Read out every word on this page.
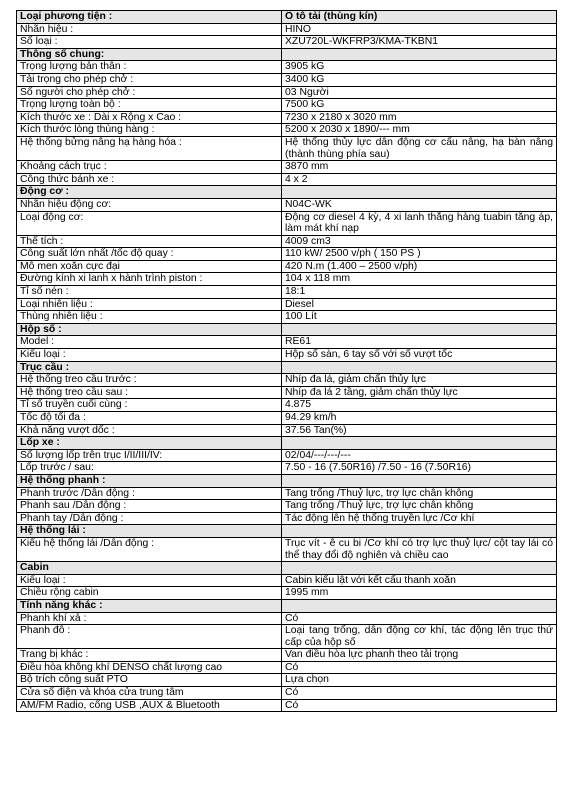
Loại phương tiện :	Ô tô tải (thùng kín)
Nhãn hiệu :	HINO
Số loại :	XZU720L-WKFRP3/KMA-TKBN1
Thông số chung:	
Trọng lượng bản thân :	3905 kG
Tải trọng cho phép chở :	3400 kG
Số người cho phép chở :	03 Người
Trọng lượng toàn bộ :	7500 kG
Kích thước xe : Dài x Rộng x Cao :	7230 x 2180 x 3020 mm
Kích thước lòng thùng hàng :	5200 x 2030 x 1890/--- mm
Hệ thống bửng nâng hạ hàng hóa :	Hệ thống thủy lực dẫn động cơ cấu nâng, hạ bàn nâng (thành thùng phía sau)
Khoảng cách trục :	3870 mm
Công thức bánh xe :	4 x 2
Động cơ :	
Nhãn hiệu động cơ:	N04C-WK
Loại động cơ:	Động cơ diesel 4 kỳ, 4 xi lanh thẳng hàng tuabin tăng áp, làm mát khí nạp
Thể tích :	4009 cm3
Công suất lớn nhất /tốc độ quay :	110 kW/ 2500 v/ph ( 150 PS )
Mô men xoắn cực đại	420 N.m (1.400 – 2500 v/ph)
Đường kính xi lanh x hành trình piston :	104 x 118 mm
Tỉ số nén :	18:1
Loại nhiên liệu :	Diesel
Thùng nhiên liệu :	100 Lít
Hộp số :	
Model :	RE61
Kiểu loại :	Hộp số sàn, 6 tay số với số vượt tốc
Trục cầu :	
Hệ thống treo cầu trước :	Nhíp đa lá, giảm chấn thủy lực
Hệ thống treo cầu sau :	Nhíp đa lá 2 tầng, giảm chấn thủy lực
Tỉ số truyền cuối cùng :	4.875
Tốc độ tối đa :	94.29 km/h
Khả năng vượt dốc :	37.56 Tan(%)
Lốp xe :	
Số lượng lốp trên trục I/II/III/IV:	02/04/---/---/---
Lốp trước / sau:	7.50 - 16 (7.50R16) /7.50 - 16 (7.50R16)
Hệ thống phanh :	
Phanh trước /Dẫn động :	Tang trống /Thuỷ lực, trợ lực chân không
Phanh sau /Dẫn động :	Tang trống /Thuỷ lực, trợ lực chân không
Phanh tay /Dẫn động :	Tác động lên hệ thống truyền lực /Cơ khí
Hệ thống lái :	
Kiểu hệ thống lái /Dẫn động :	Trục vít - ê cu bi /Cơ khí có trợ lực thuỷ lực/ cột tay lái có thể thay đổi độ nghiên và chiều cao
Cabin	
Kiểu loại :	Cabin kiểu lật với kết cấu thanh xoắn
Chiều rộng cabin	1995 mm
Tính năng khác :	
Phanh khí xả :	Có
Phanh đỗ :	Loại tang trống, dẫn động cơ khí, tác động lên trục thứ cấp của hộp số
Trang bị khác :	Van điều hòa lực phanh theo tải trọng
Điều hòa không khí DENSO chất lượng cao	Có
Bộ trích công suất PTO	Lựa chọn
Cửa sổ điện và khóa cửa trung tâm	Có
AM/FM Radio, cổng USB ,AUX & Bluetooth	Có
